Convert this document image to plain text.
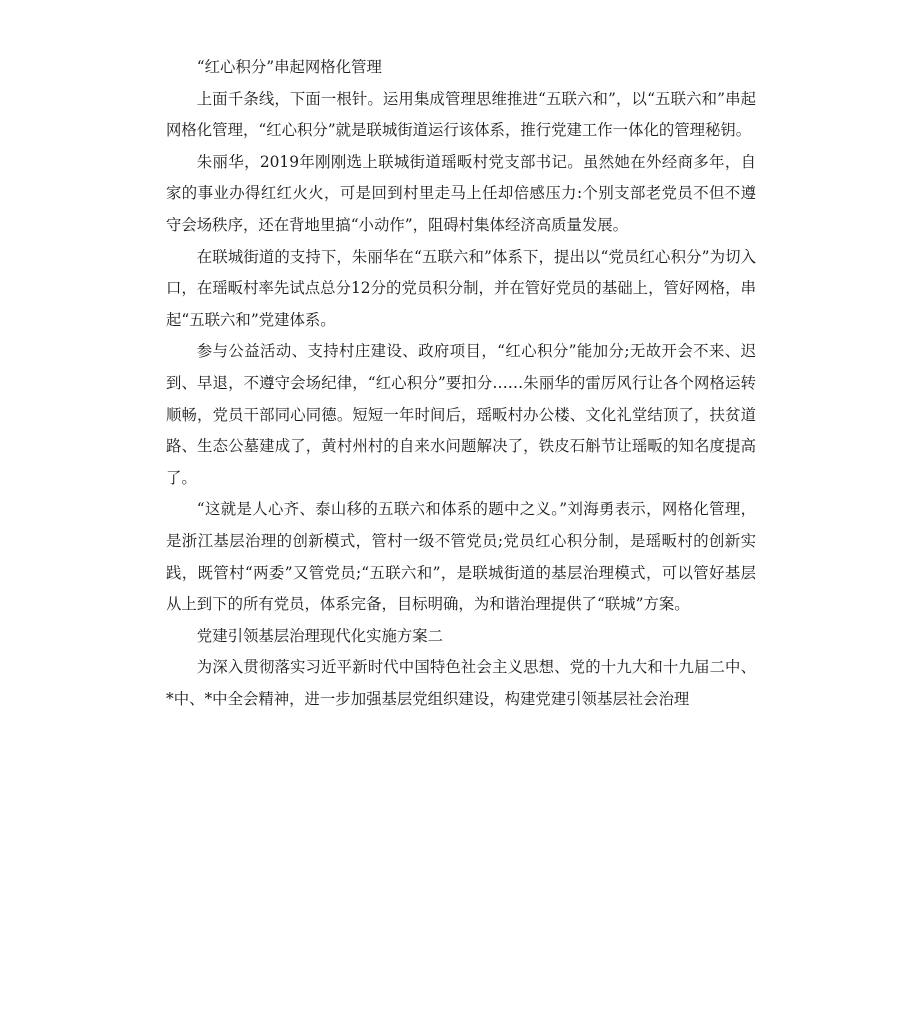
“红心积分”串起网格化管理

上面千条线，下面一根针。运用集成管理思维推进“五联六和”，以“五联六和”串起网格化管理，“红心积分”就是联城街道运行该体系，推行党建工作一体化的管理秘钥。

朱丽华，2019年刚刚选上联城街道瑶畈村党支部书记。虽然她在外经商多年，自家的事业办得红红火火，可是回到村里走马上任却倍感压力:个别支部老党员不但不遵守会场秩序，还在背地里搞“小动作”，阻碍村集体经济高质量发展。

在联城街道的支持下，朱丽华在“五联六和”体系下，提出以“党员红心积分”为切入口，在瑶畈村率先试点总分12分的党员积分制，并在管好党员的基础上，管好网格，串起“五联六和”党建体系。

参与公益活动、支持村庄建设、政府项目，“红心积分”能加分;无故开会不来、迟到、早退，不遵守会场纪律，“红心积分”要扣分……朱丽华的雷厉风行让各个网格运转顺畅，党员干部同心同德。短短一年时间后，瑶畈村办公楼、文化礼堂结顶了，扶贫道路、生态公墓建成了，黄村州村的自来水问题解决了，铁皮石斛节让瑶畈的知名度提高了。

“这就是人心齐、泰山移的五联六和体系的题中之义。”刘海勇表示，网格化管理，是浙江基层治理的创新模式，管村一级不管党员;党员红心积分制，是瑶畈村的创新实践，既管村“两委”又管党员;“五联六和”，是联城街道的基层治理模式，可以管好基层从上到下的所有党员，体系完备，目标明确，为和谐治理提供了“联城”方案。

党建引领基层治理现代化实施方案二

为深入贯彻落实习近平新时代中国特色社会主义思想、党的十九大和十九届二中、*中、*中全会精神，进一步加强基层党组织建设，构建党建引领基层社会治理
